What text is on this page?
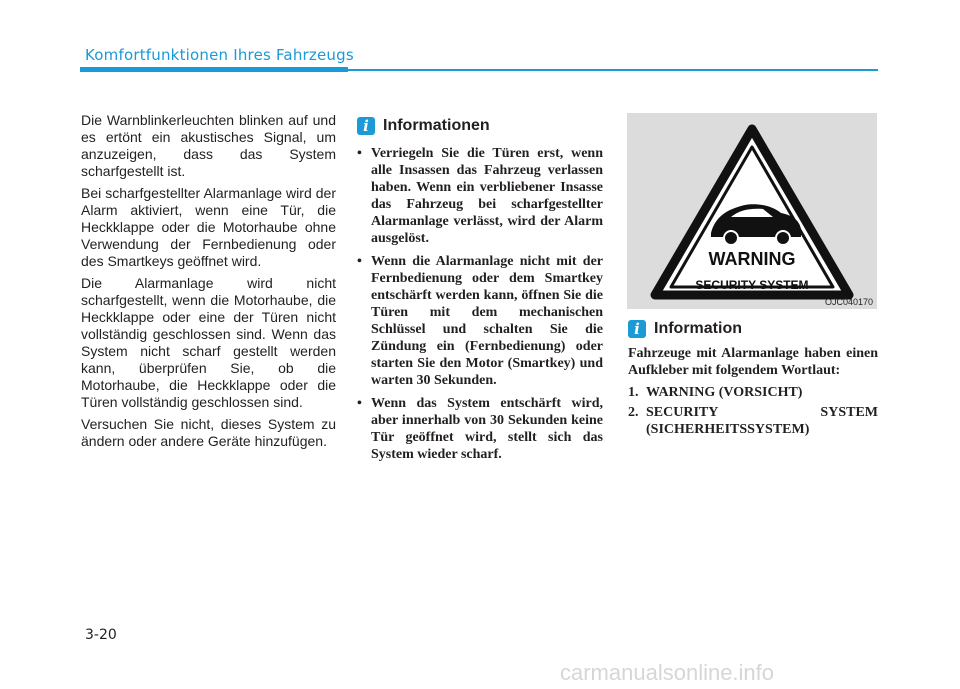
Komfortfunktionen Ihres Fahrzeugs

Die Warnblinkerleuchten blinken auf und es ertönt ein akustisches Signal, um anzuzeigen, dass das System scharfgestellt ist.

Bei scharfgestellter Alarmanlage wird der Alarm aktiviert, wenn eine Tür, die Heckklappe oder die Motorhaube ohne Verwendung der Fernbedienung oder des Smartkeys geöffnet wird.

Die Alarmanlage wird nicht scharfgestellt, wenn die Motorhaube, die Heckklappe oder eine der Türen nicht vollständig geschlossen sind. Wenn das System nicht scharf gestellt werden kann, überprüfen Sie, ob die Motorhaube, die Heckklappe oder die Türen vollständig geschlossen sind.

Versuchen Sie nicht, dieses System zu ändern oder andere Geräte hinzufügen.

i Informationen
• Verriegeln Sie die Türen erst, wenn alle Insassen das Fahrzeug verlassen haben. Wenn ein verbliebener Insasse das Fahrzeug bei scharfgestellter Alarmanlage verlässt, wird der Alarm ausgelöst.
• Wenn die Alarmanlage nicht mit der Fernbedienung oder dem Smartkey entschärft werden kann, öffnen Sie die Türen mit dem mechanischen Schlüssel und schalten Sie die Zündung ein (Fernbedienung) oder starten Sie den Motor (Smartkey) und warten 30 Sekunden.
• Wenn das System entschärft wird, aber innerhalb von 30 Sekunden keine Tür geöffnet wird, stellt sich das System wieder scharf.
WARNING
SECURITY SYSTEM
OJC040170
i Information

Fahrzeuge mit Alarmanlage haben einen Aufkleber mit folgendem Wortlaut:

1. WARNING (VORSICHT)
2. SECURITY SYSTEM (SICHERHEITSSYSTEM)
3-20
carmanualsonline.info
